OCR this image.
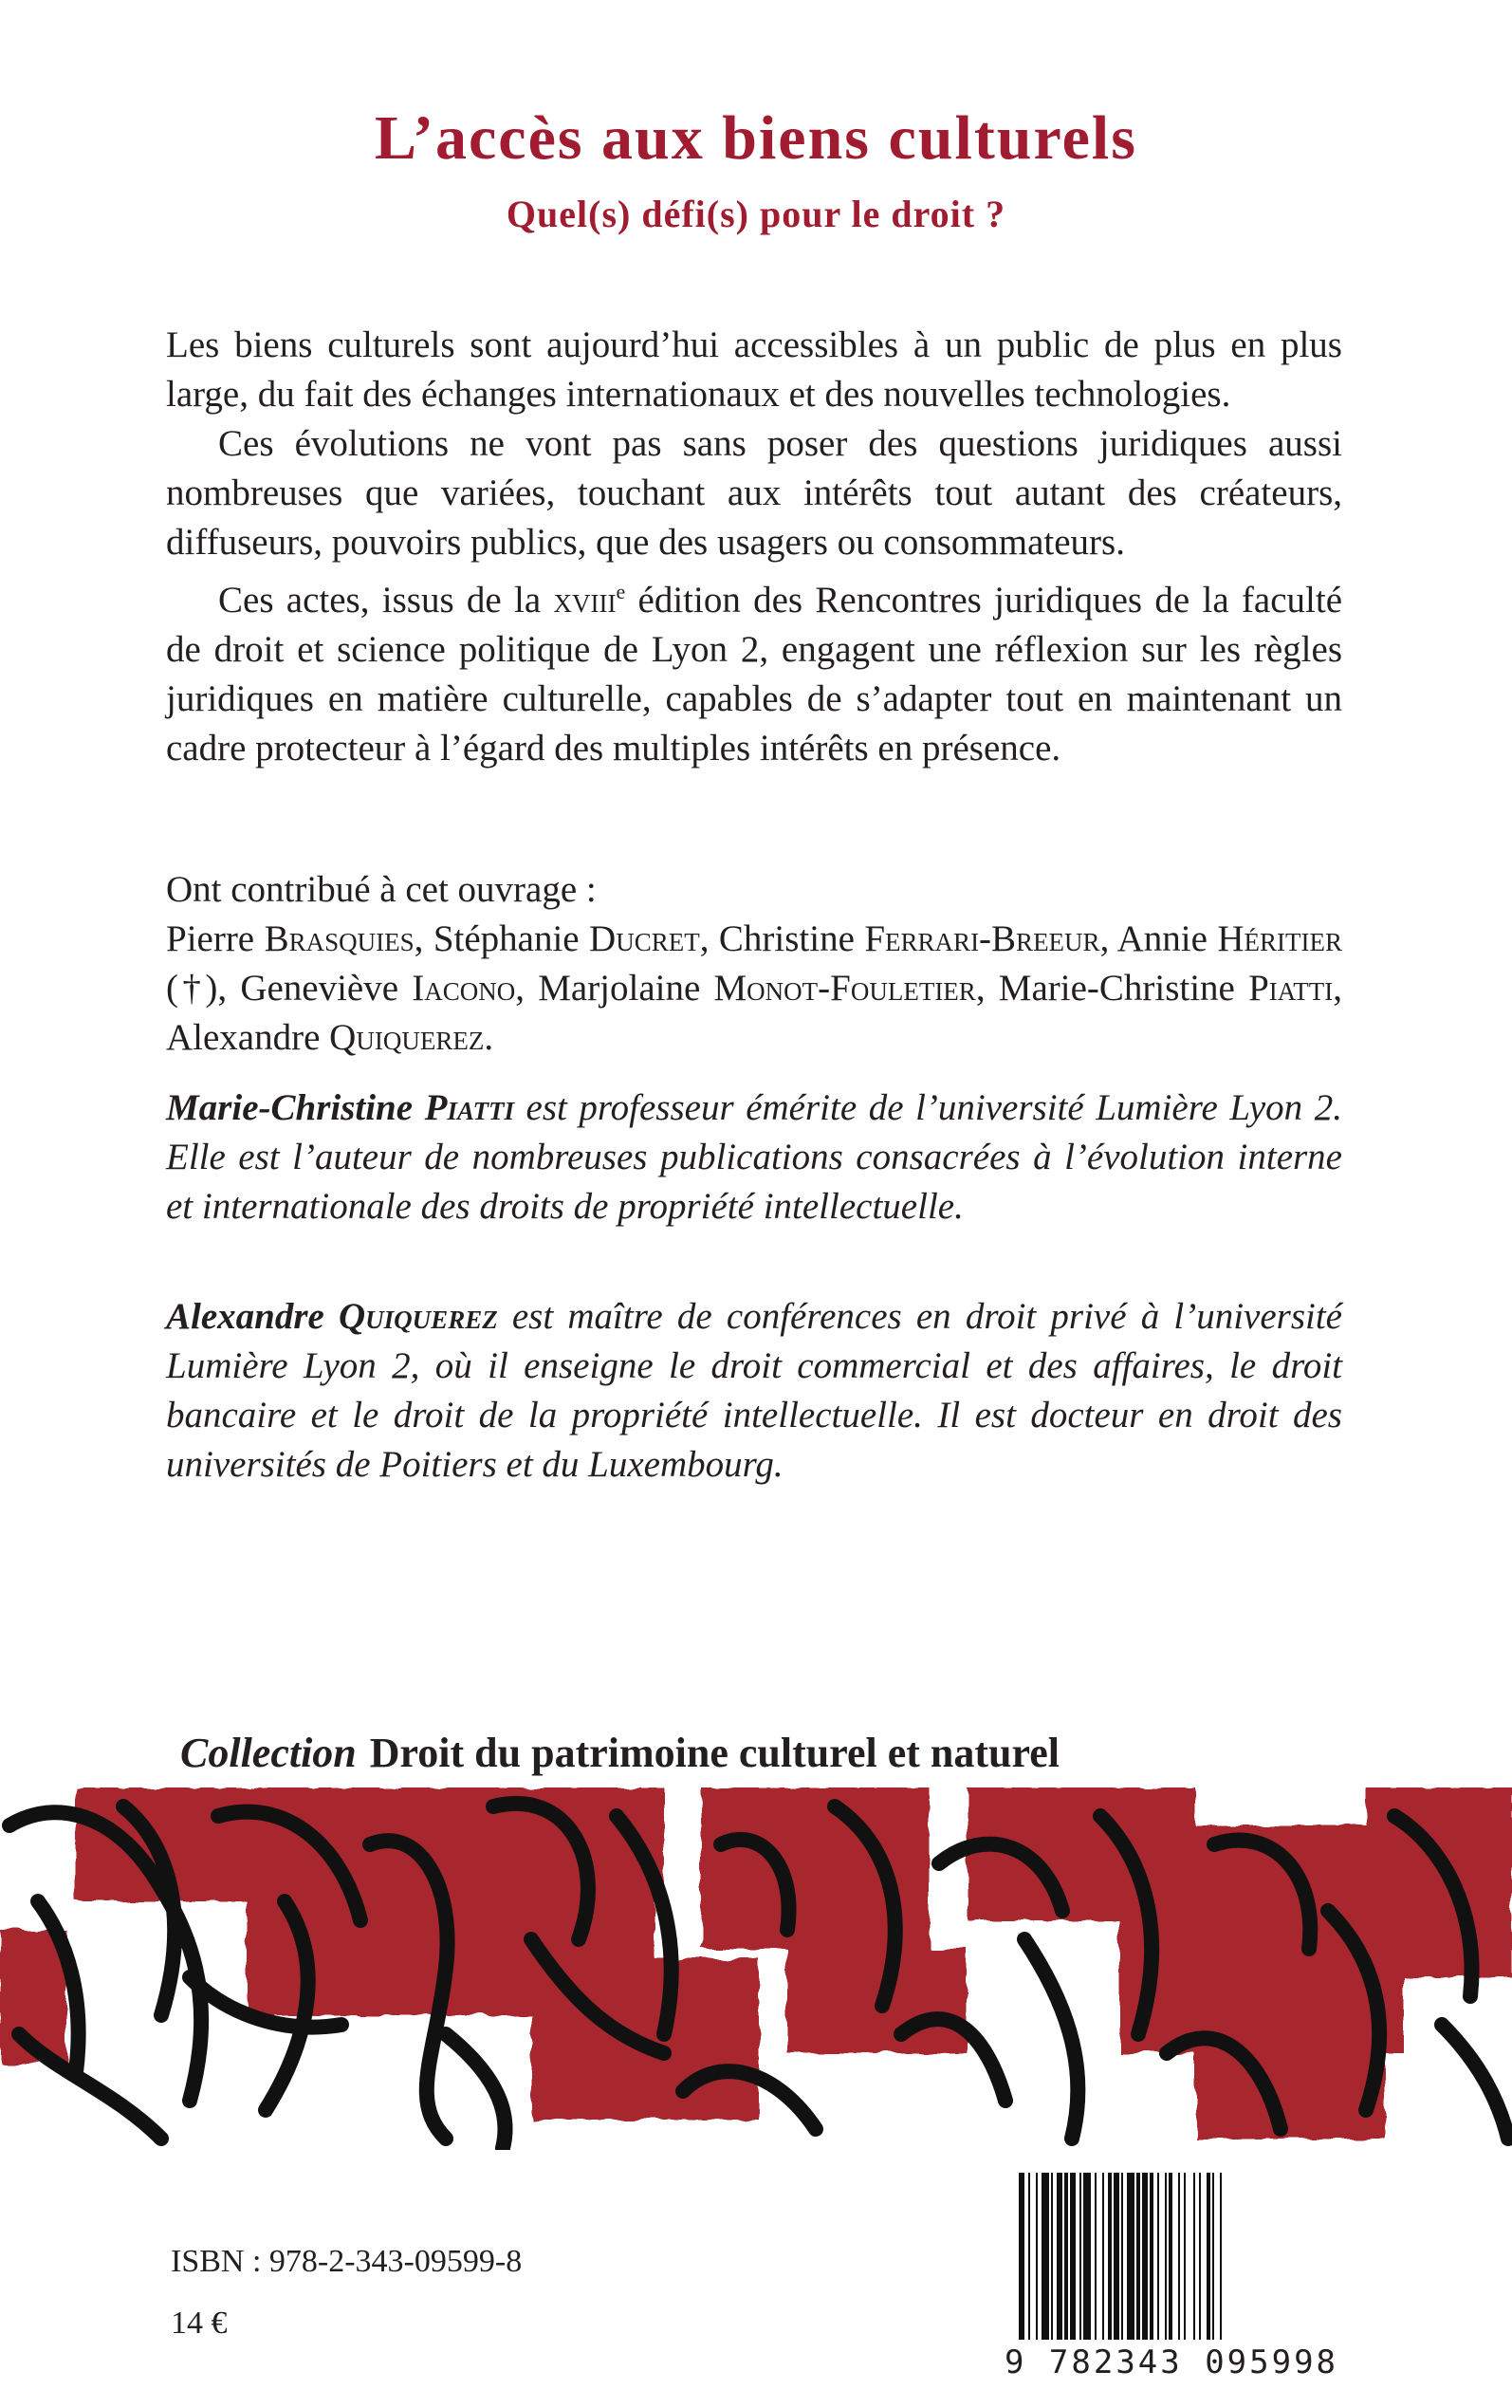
L’accès aux biens culturels
Quel(s) défi(s) pour le droit ?

Les biens culturels sont aujourd’hui accessibles à un public de plus en plus large, du fait des échanges internationaux et des nouvelles technologies.

Ces évolutions ne vont pas sans poser des questions juridiques aussi nombreuses que variées, touchant aux intérêts tout autant des créateurs, diffuseurs, pouvoirs publics, que des usagers ou consommateurs.

Ces actes, issus de la xviii$^e$ édition des Rencontres juridiques de la faculté de droit et science politique de Lyon 2, engagent une réflexion sur les règles juridiques en matière culturelle, capables de s’adapter tout en maintenant un cadre protecteur à l’égard des multiples intérêts en présence.

Ont contribué à cet ouvrage :

Pierre Brasquies, Stéphanie Ducret, Christine Ferrari-Breeur, Annie Héritier (†), Geneviève Iacono, Marjolaine Monot-Fouletier, Marie-Christine Piatti, Alexandre Quiquerez.

Marie-Christine Piatti est professeur émérite de l’université Lumière Lyon 2. Elle est l’auteur de nombreuses publications consacrées à l’évolution interne et internationale des droits de propriété intellectuelle.

Alexandre Quiquerez est maître de conférences en droit privé à l’université Lumière Lyon 2, où il enseigne le droit commercial et des affaires, le droit bancaire et le droit de la propriété intellectuelle. Il est docteur en droit des universités de Poitiers et du Luxembourg.

Collection Droit du patrimoine culturel et naturel
9 782343 095998
ISBN : 978-2-343-09599-8
14 €
